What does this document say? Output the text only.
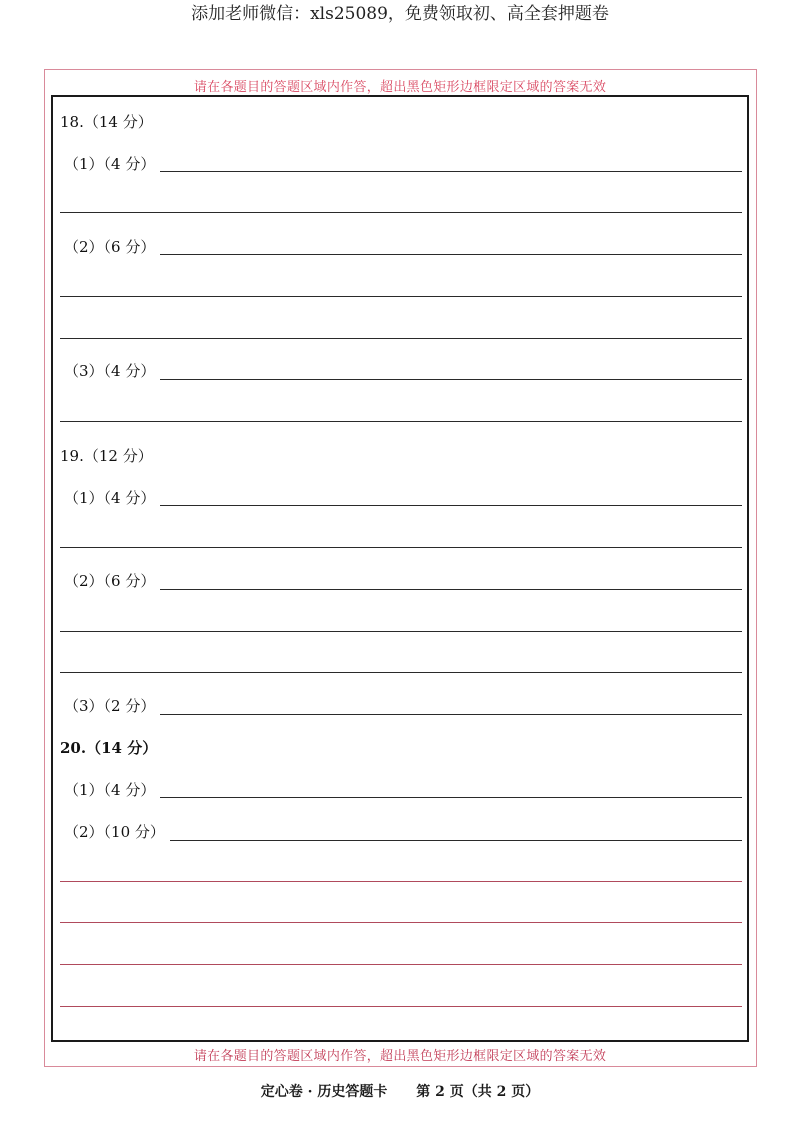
添加老师微信：xls25089，免费领取初、高全套押题卷
请在各题目的答题区域内作答，超出黑色矩形边框限定区域的答案无效
18.（14 分）
（1）（4 分）
（2）（6 分）
（3）（4 分）
19.（12 分）
（1）（4 分）
（2）（6 分）
（3）（2 分）
20.（14 分）
（1）（4 分）
（2）（10 分）
请在各题目的答题区域内作答，超出黑色矩形边框限定区域的答案无效
定心卷 · 历史答题卡 第 2 页（共 2 页）
